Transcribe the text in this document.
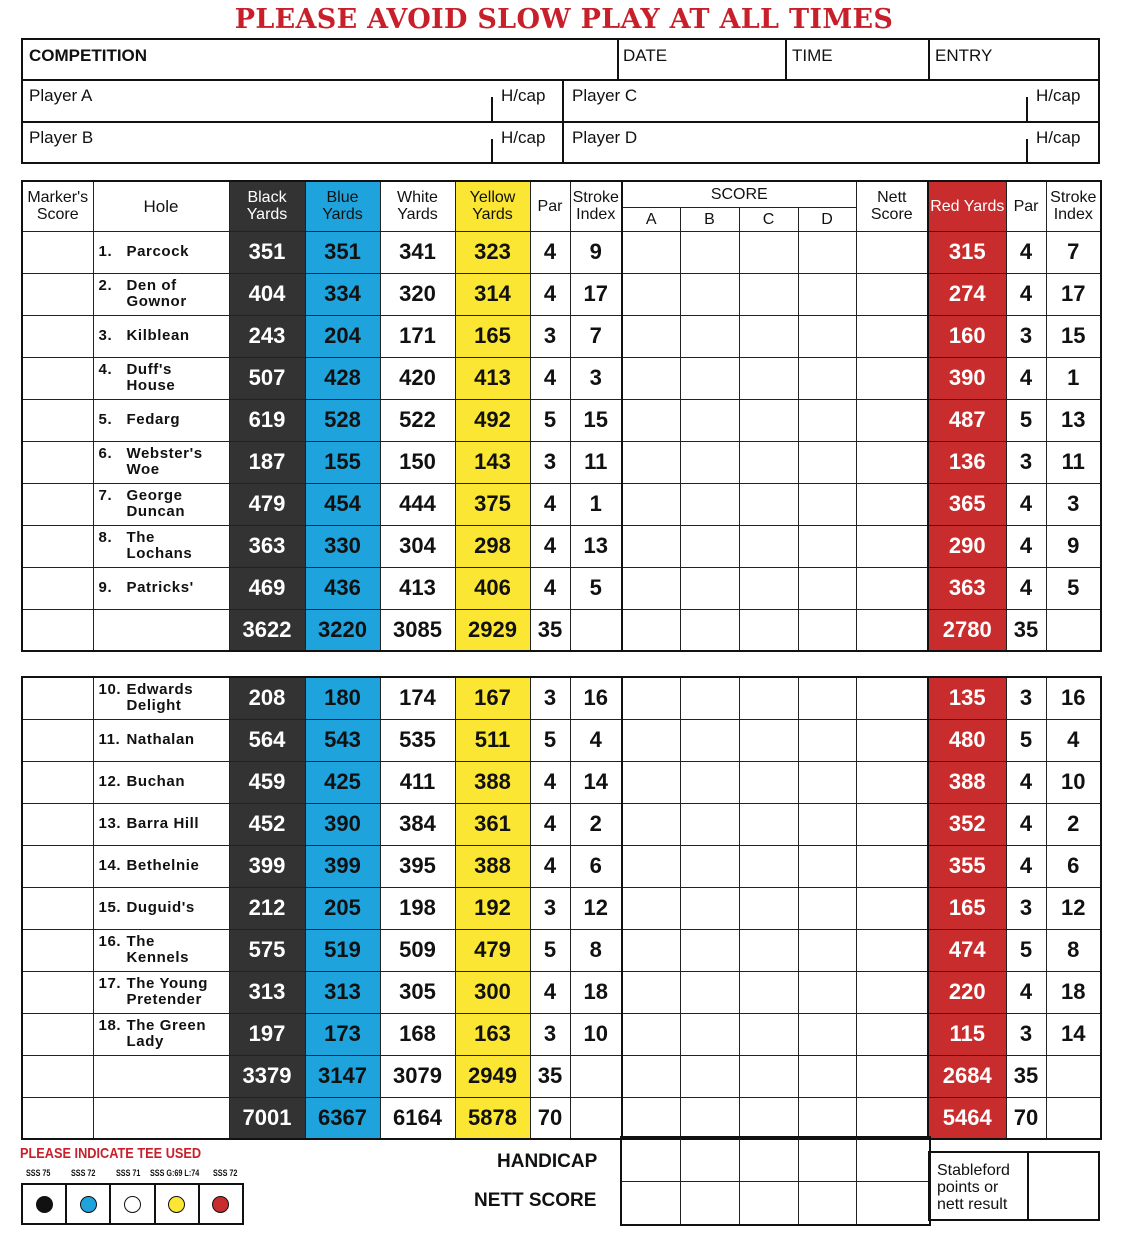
PLEASE AVOID SLOW PLAY AT ALL TIMES
COMPETITION	DATE	TIME	ENTRY
Player A	H/cap Player C	H/cap
Player B	H/cap Player D	H/cap
Marker's Score	Hole	Black Yards	Blue Yards	White Yards	Yellow Yards	Par	Stroke Index	SCORE				Nett Score	Red Yards	Par	Stroke Index
								A	B	C	D				
	1. Parcock	351	351	341	323	4	9						315	4	7
	2. Den of Gownor	404	334	320	314	4	17						274	4	17
	3. Kilblean	243	204	171	165	3	7						160	3	15
	4. Duff's House	507	428	420	413	4	3						390	4	1
	5. Fedarg	619	528	522	492	5	15						487	5	13
	6. Webster's Woe	187	155	150	143	3	11						136	3	11
	7. George Duncan	479	454	444	375	4	1						365	4	3
	8. The Lochans	363	330	304	298	4	13						290	4	9
	9. Patricks'	469	436	413	406	4	5						363	4	5
		3622	3220	3085	2929	35							2780	35	
	10. Edwards Delight	208	180	174	167	3	16						135	3	16
	11. Nathalan	564	543	535	511	5	4						480	5	4
	12. Buchan	459	425	411	388	4	14						388	4	10
	13. Barra Hill	452	390	384	361	4	2						352	4	2
	14. Bethelnie	399	399	395	388	4	6						355	4	6
	15. Duguid's	212	205	198	192	3	12						165	3	12
	16. The Kennels	575	519	509	479	5	8						474	5	8
	17. The Young Pretender	313	313	305	300	4	18						220	4	18
	18. The Green Lady	197	173	168	163	3	10						115	3	14
		3379	3147	3079	2949	35							2684	35	
		7001	6367	6164	5878	70							5464	70	
PLEASE INDICATE TEE USED
SSS 75 SSS 72 SSS 71 SSS G:69 L:74 SSS 72
HANDICAP
NETT SCORE

Stableford points or nett result
